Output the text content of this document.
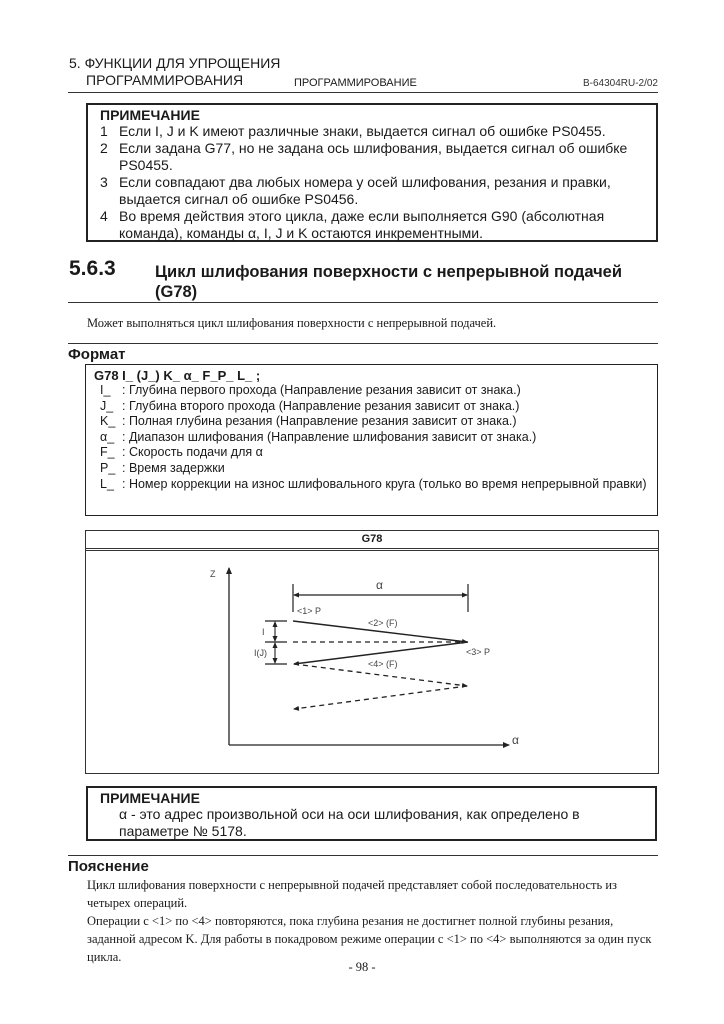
5. ФУНКЦИИ ДЛЯ УПРОЩЕНИЯ
ПРОГРАММИРОВАНИЯ	ПРОГРАММИРОВАНИЕ	B-64304RU-2/02
ПРИМЕЧАНИЕ
1 Если I, J и K имеют различные знаки, выдается сигнал об ошибке PS0455.
2 Если задана G77, но не задана ось шлифования, выдается сигнал об ошибке PS0455.
3 Если совпадают два любых номера у осей шлифования, резания и правки, выдается сигнал об ошибке PS0456.
4 Во время действия этого цикла, даже если выполняется G90 (абсолютная команда), команды α, I, J и K остаются инкрементными.
5.6.3 Цикл шлифования поверхности с непрерывной подачей (G78)
Может выполняться цикл шлифования поверхности с непрерывной подачей.
Формат
G78 I_ (J_) K_ α_ F_P_ L_ ;
I_ : Глубина первого прохода (Направление резания зависит от знака.)
J_ : Глубина второго прохода (Направление резания зависит от знака.)
K_ : Полная глубина резания (Направление резания зависит от знака.)
α_ : Диапазон шлифования (Направление шлифования зависит от знака.)
F_ : Скорость подачи для α
P_ : Время задержки
L_ : Номер коррекции на износ шлифовального круга (только во время непрерывной правки)
G78
Z
α
α
I
I(J)
<1> P
<2> (F)
<3> P
<4> (F)
ПРИМЕЧАНИЕ
α - это адрес произвольной оси на оси шлифования, как определено в параметре № 5178.
Пояснение
Цикл шлифования поверхности с непрерывной подачей представляет собой последовательность из четырех операций.
Операции с <1> по <4> повторяются, пока глубина резания не достигнет полной глубины резания, заданной адресом K. Для работы в покадровом режиме операции с <1> по <4> выполняются за один пуск цикла.
- 98 -
